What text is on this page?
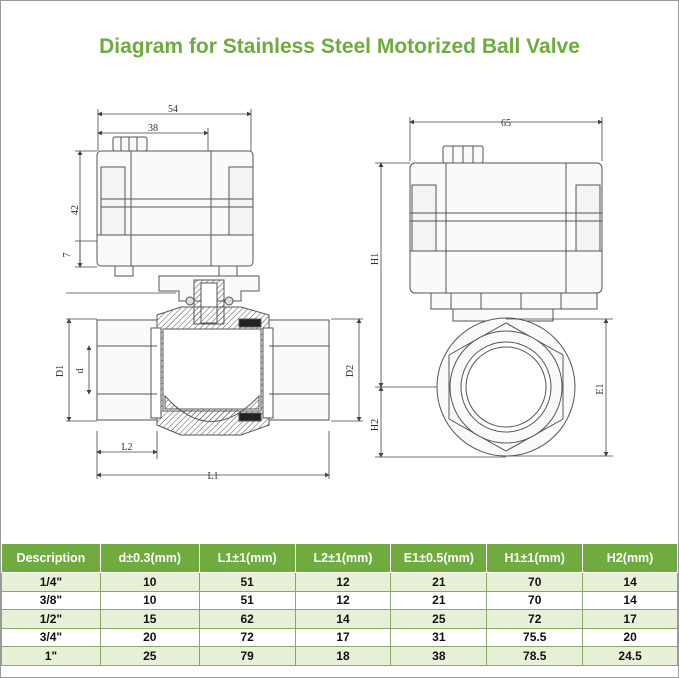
Diagram for Stainless Steel Motorized Ball Valve
54
38
42
7
D1 d	D2
L2
L1
65
H1
H2
E1
Description	d±0.3(mm)	L1±1(mm)	L2±1(mm)	E1±0.5(mm)	H1±1(mm)	H2(mm)
1/4"	10	51	12	21	70	14
3/8"	10	51	12	21	70	14
1/2"	15	62	14	25	72	17
3/4"	20	72	17	31	75.5	20
1"	25	79	18	38	78.5	24.5
